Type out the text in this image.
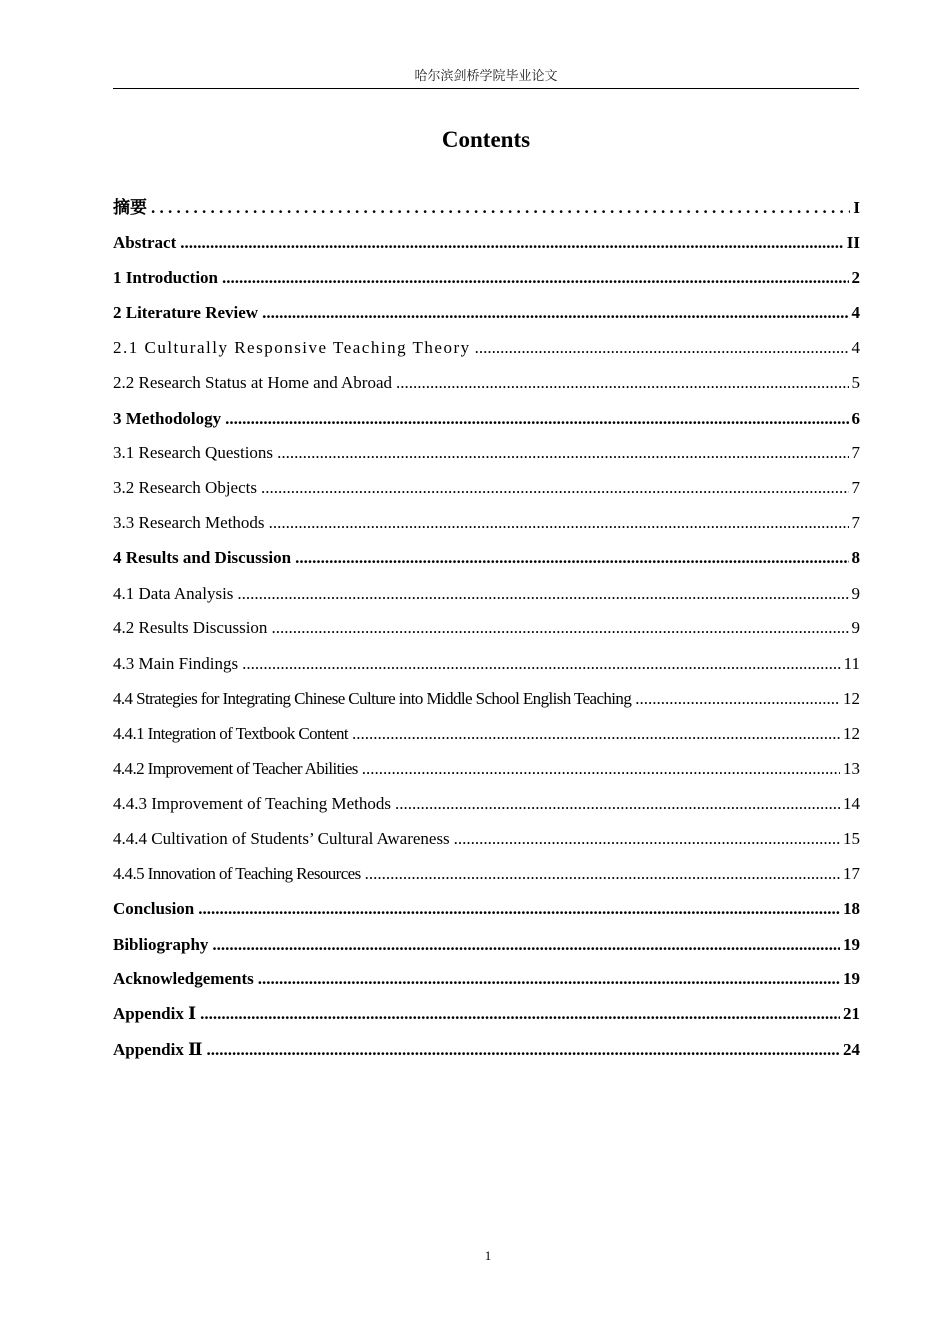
哈尔滨剑桥学院毕业论文
Contents
摘要 . . .	I
Abstract .....	II
1 Introduction .....	2
2 Literature Review .....	4
2.1 Culturally Responsive Teaching Theory .....	4
2.2 Research Status at Home and Abroad .....	5
3 Methodology .....	6
3.1 Research Questions .....	7
3.2 Research Objects .....	7
3.3 Research Methods .....	7
4 Results and Discussion .....	8
4.1 Data Analysis .....	9
4.2 Results Discussion .....	9
4.3 Main Findings .....	11
4.4 Strategies for Integrating Chinese Culture into Middle School English Teaching .....	12
4.4.1 Integration of Textbook Content .....	12
4.4.2 Improvement of Teacher Abilities .....	13
4.4.3 Improvement of Teaching Methods .....	14
4.4.4 Cultivation of Students’ Cultural Awareness .....	15
4.4.5 Innovation of Teaching Resources .....	17
Conclusion .....	18
Bibliography .....	19
Acknowledgements .....	19
Appendix Ⅰ .....	21
Appendix Ⅱ .....	24
1
